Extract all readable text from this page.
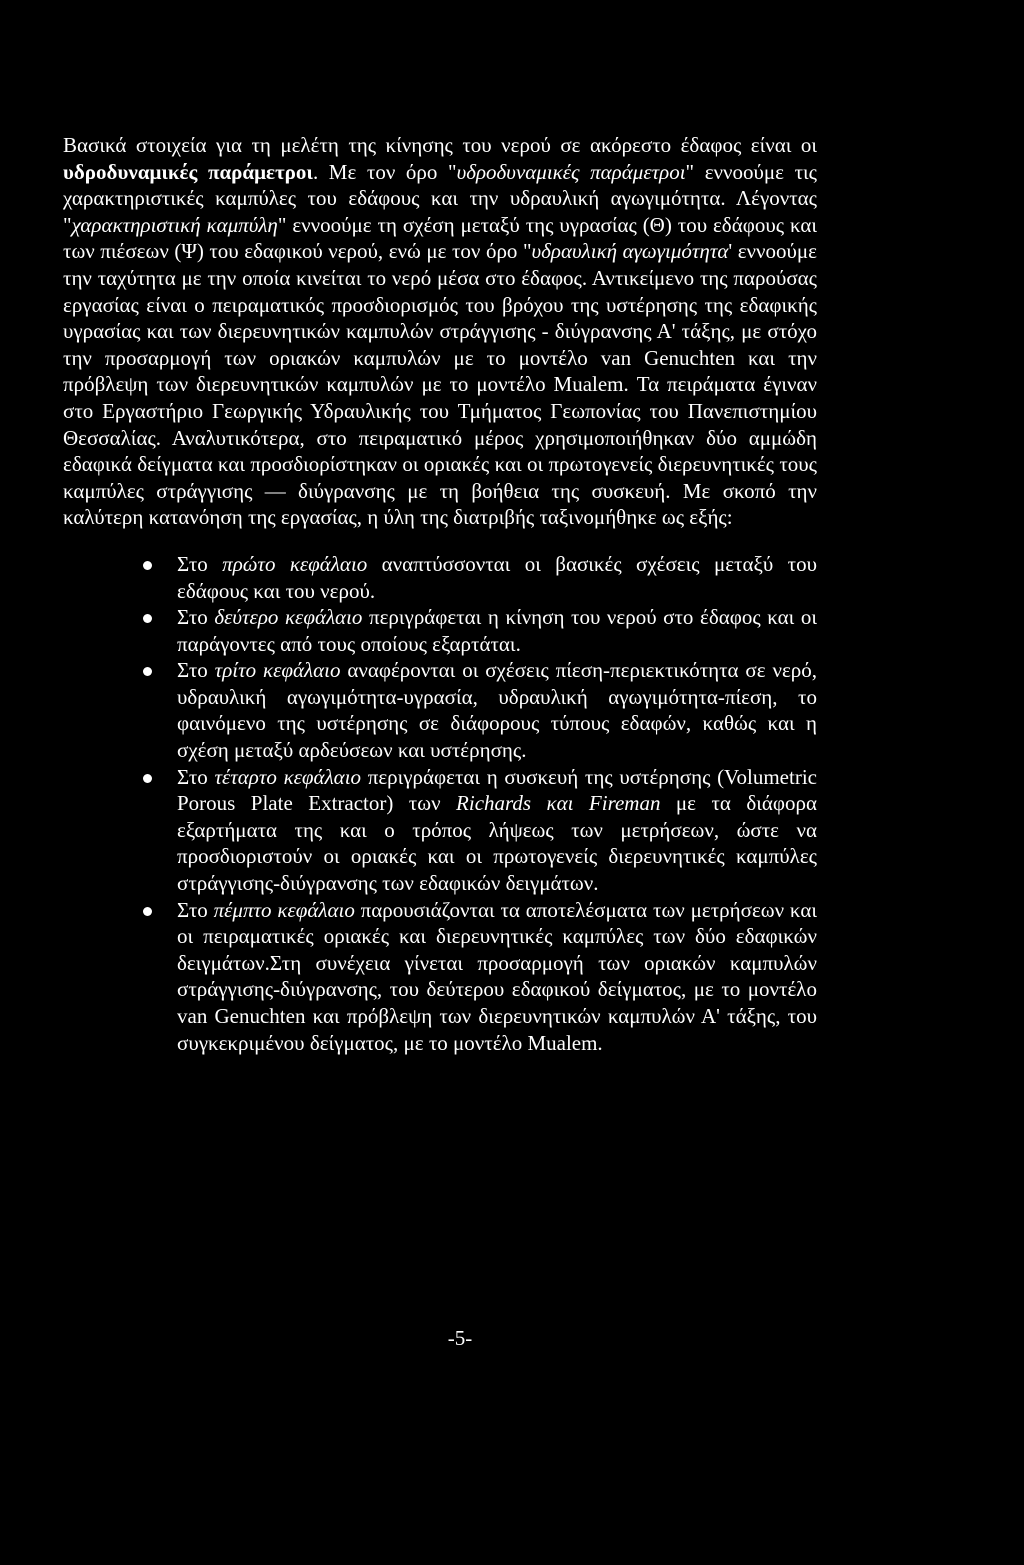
Βασικά στοιχεία για τη μελέτη της κίνησης του νερού σε ακόρεστο έδαφος είναι οι υδροδυναμικές παράμετροι. Με τον όρο "υδροδυναμικές παράμετροι" εννοούμε τις χαρακτηριστικές καμπύλες του εδάφους και την υδραυλική αγωγιμότητα. Λέγοντας "χαρακτηριστική καμπύλη" εννοούμε τη σχέση μεταξύ της υγρασίας (Θ) του εδάφους και των πιέσεων (Ψ) του εδαφικού νερού, ενώ με τον όρο "υδραυλική αγωγιμότητα' εννοούμε την ταχύτητα με την οποία κινείται το νερό μέσα στο έδαφος. Αντικείμενο της παρούσας εργασίας είναι ο πειραματικός προσδιορισμός του βρόχου της υστέρησης της εδαφικής υγρασίας και των διερευνητικών καμπυλών στράγγισης - διύγρανσης Α' τάξης, με στόχο την προσαρμογή των οριακών καμπυλών με το μοντέλο van Genuchten και την πρόβλεψη των διερευνητικών καμπυλών με το μοντέλο Mualem. Τα πειράματα έγιναν στο Εργαστήριο Γεωργικής Υδραυλικής του Τμήματος Γεωπονίας του Πανεπιστημίου Θεσσαλίας. Αναλυτικότερα, στο πειραματικό μέρος χρησιμοποιήθηκαν δύο αμμώδη εδαφικά δείγματα και προσδιορίστηκαν οι οριακές και οι πρωτογενείς διερευνητικές τους καμπύλες στράγγισης — διύγρανσης με τη βοήθεια της συσκευή. Με σκοπό την καλύτερη κατανόηση της εργασίας, η ύλη της διατριβής ταξινομήθηκε ως εξής:

Στο πρώτο κεφάλαιο αναπτύσσονται οι βασικές σχέσεις μεταξύ του εδάφους και του νερού.
Στο δεύτερο κεφάλαιο περιγράφεται η κίνηση του νερού στο έδαφος και οι παράγοντες από τους οποίους εξαρτάται.
Στο τρίτο κεφάλαιο αναφέρονται οι σχέσεις πίεση-περιεκτικότητα σε νερό, υδραυλική αγωγιμότητα-υγρασία, υδραυλική αγωγιμότητα-πίεση, το φαινόμενο της υστέρησης σε διάφορους τύπους εδαφών, καθώς και η σχέση μεταξύ αρδεύσεων και υστέρησης.
Στο τέταρτο κεφάλαιο περιγράφεται η συσκευή της υστέρησης (Volumetric Porous Plate Extractor) των Richards και Fireman με τα διάφορα εξαρτήματα της και ο τρόπος λήψεως των μετρήσεων, ώστε να προσδιοριστούν οι οριακές και οι πρωτογενείς διερευνητικές καμπύλες στράγγισης-διύγρανσης των εδαφικών δειγμάτων.
Στο πέμπτο κεφάλαιο παρουσιάζονται τα αποτελέσματα των μετρήσεων και οι πειραματικές οριακές και διερευνητικές καμπύλες των δύο εδαφικών δειγμάτων.Στη συνέχεια γίνεται προσαρμογή των οριακών καμπυλών στράγγισης-διύγρανσης, του δεύτερου εδαφικού δείγματος, με το μοντέλο van Genuchten και πρόβλεψη των διερευνητικών καμπυλών Α' τάξης, του συγκεκριμένου δείγματος, με το μοντέλο Mualem.
-5-
